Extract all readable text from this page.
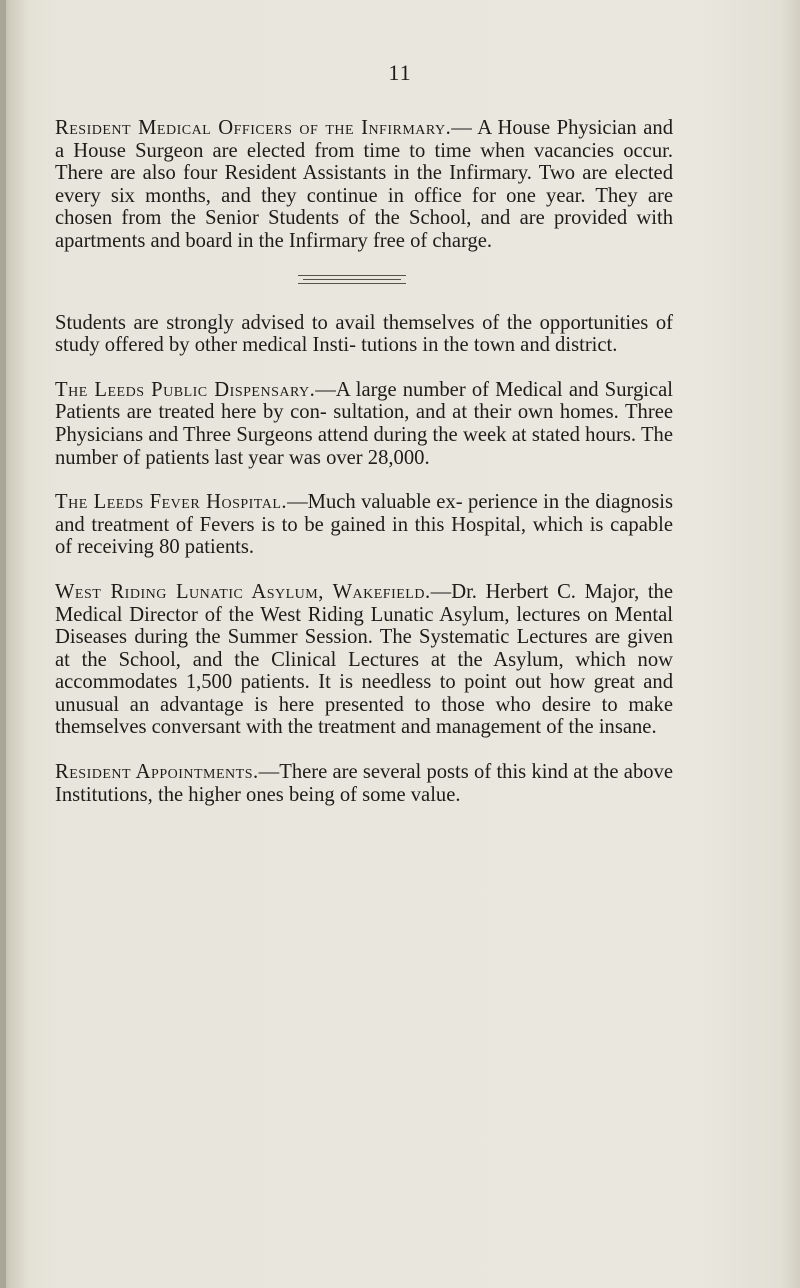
11

Resident Medical Officers of the Infirmary.— A House Physician and a House Surgeon are elected from time to time when vacancies occur. There are also four Resident Assistants in the Infirmary. Two are elected every six months, and they continue in office for one year. They are chosen from the Senior Students of the School, and are provided with apartments and board in the Infirmary free of charge.

Students are strongly advised to avail themselves of the opportunities of study offered by other medical Insti- tutions in the town and district.

The Leeds Public Dispensary.—A large number of Medical and Surgical Patients are treated here by con- sultation, and at their own homes. Three Physicians and Three Surgeons attend during the week at stated hours. The number of patients last year was over 28,000.

The Leeds Fever Hospital.—Much valuable ex- perience in the diagnosis and treatment of Fevers is to be gained in this Hospital, which is capable of receiving 80 patients.

West Riding Lunatic Asylum, Wakefield.—Dr. Herbert C. Major, the Medical Director of the West Riding Lunatic Asylum, lectures on Mental Diseases during the Summer Session. The Systematic Lectures are given at the School, and the Clinical Lectures at the Asylum, which now accommodates 1,500 patients. It is needless to point out how great and unusual an advantage is here presented to those who desire to make themselves conversant with the treatment and management of the insane.

Resident Appointments.—There are several posts of this kind at the above Institutions, the higher ones being of some value.
